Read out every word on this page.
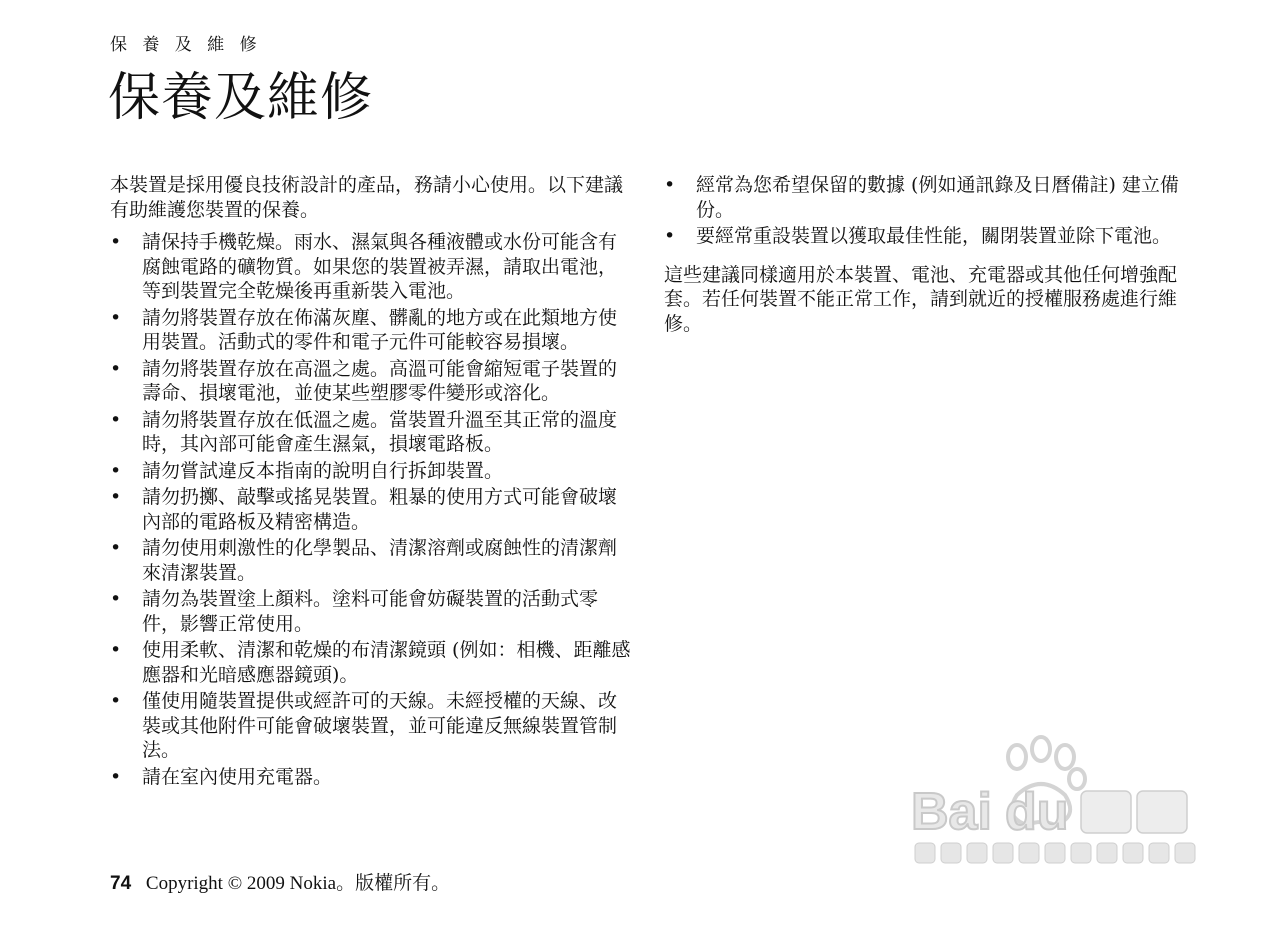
保 養 及 維 修
保養及維修

本裝置是採用優良技術設計的產品，務請小心使用。以下建議有助維護您裝置的保養。

• 請保持手機乾燥。雨水、濕氣與各種液體或水份可能含有腐蝕電路的礦物質。如果您的裝置被弄濕，請取出電池，等到裝置完全乾燥後再重新裝入電池。
• 請勿將裝置存放在佈滿灰塵、髒亂的地方或在此類地方使用裝置。活動式的零件和電子元件可能較容易損壞。
• 請勿將裝置存放在高溫之處。高溫可能會縮短電子裝置的壽命、損壞電池，並使某些塑膠零件變形或溶化。
• 請勿將裝置存放在低溫之處。當裝置升溫至其正常的溫度時，其內部可能會產生濕氣，損壞電路板。
• 請勿嘗試違反本指南的說明自行拆卸裝置。
• 請勿扔擲、敲擊或搖晃裝置。粗暴的使用方式可能會破壞內部的電路板及精密構造。
• 請勿使用刺激性的化學製品、清潔溶劑或腐蝕性的清潔劑來清潔裝置。
• 請勿為裝置塗上顏料。塗料可能會妨礙裝置的活動式零件，影響正常使用。
• 使用柔軟、清潔和乾燥的布清潔鏡頭 (例如：相機、距離感應器和光暗感應器鏡頭)。
• 僅使用隨裝置提供或經許可的天線。未經授權的天線、改裝或其他附件可能會破壞裝置，並可能違反無線裝置管制法。
• 請在室內使用充電器。
• 經常為您希望保留的數據 (例如通訊錄及日曆備註) 建立備份。
• 要經常重設裝置以獲取最佳性能，關閉裝置並除下電池。

這些建議同樣適用於本裝置、電池、充電器或其他任何增強配套。若任何裝置不能正常工作，請到就近的授權服務處進行維修。

74 Copyright © 2009 Nokia。版權所有。
Bai du
